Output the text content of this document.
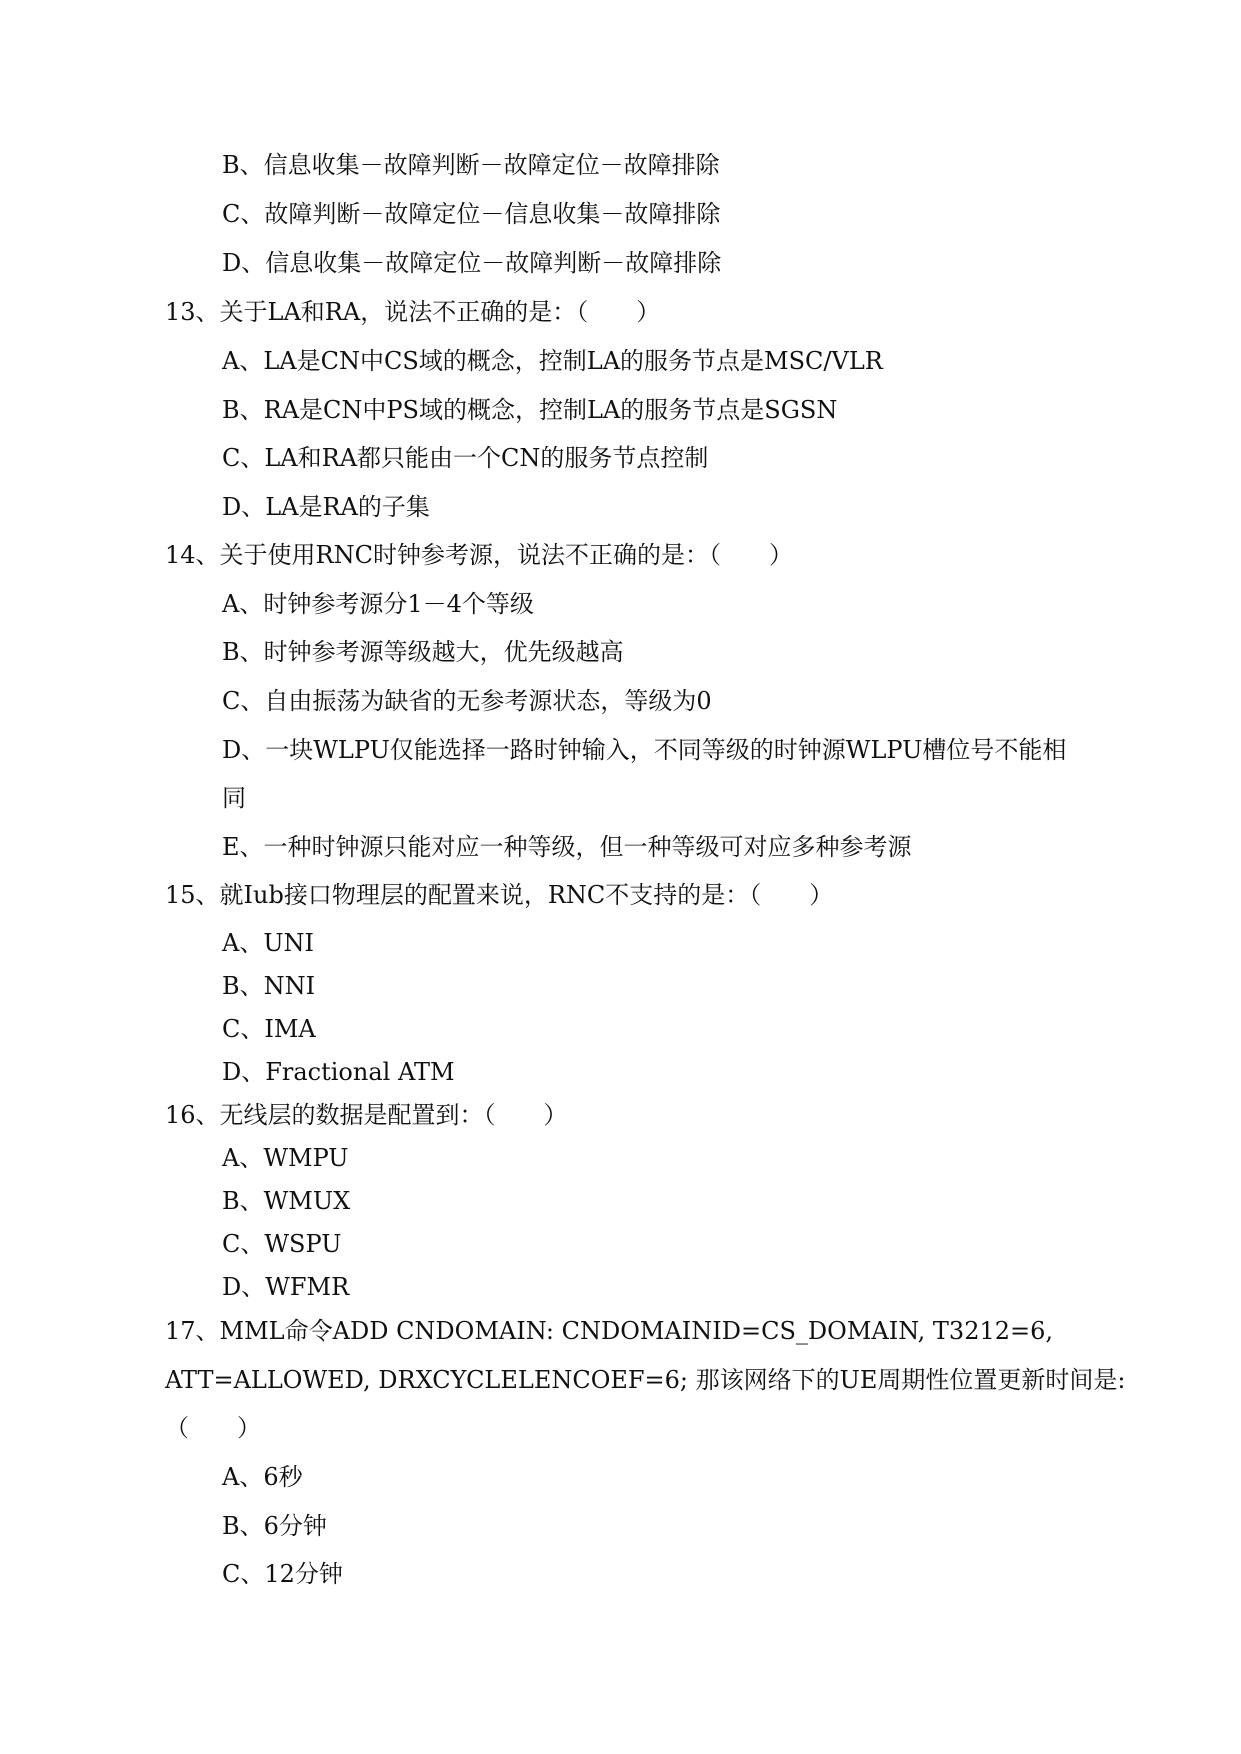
B、信息收集－故障判断－故障定位－故障排除
C、故障判断－故障定位－信息收集－故障排除
D、信息收集－故障定位－故障判断－故障排除
13、关于LA和RA，说法不正确的是：（　　）
A、LA是CN中CS域的概念，控制LA的服务节点是MSC/VLR
B、RA是CN中PS域的概念，控制LA的服务节点是SGSN
C、LA和RA都只能由一个CN的服务节点控制
D、LA是RA的子集
14、关于使用RNC时钟参考源，说法不正确的是：（　　）
A、时钟参考源分1－4个等级
B、时钟参考源等级越大，优先级越高
C、自由振荡为缺省的无参考源状态，等级为0
D、一块WLPU仅能选择一路时钟输入，不同等级的时钟源WLPU槽位号不能相
同
E、一种时钟源只能对应一种等级，但一种等级可对应多种参考源
15、就Iub接口物理层的配置来说，RNC不支持的是：（　　）
A、UNI
B、NNI
C、IMA
D、Fractional ATM
16、无线层的数据是配置到：（　　）
A、WMPU
B、WMUX
C、WSPU
D、WFMR
17、MML命令ADD CNDOMAIN: CNDOMAINID=CS_DOMAIN, T3212=6,
ATT=ALLOWED, DRXCYCLELENCOEF=6; 那该网络下的UE周期性位置更新时间是:
（　　）
A、6秒
B、6分钟
C、12分钟
